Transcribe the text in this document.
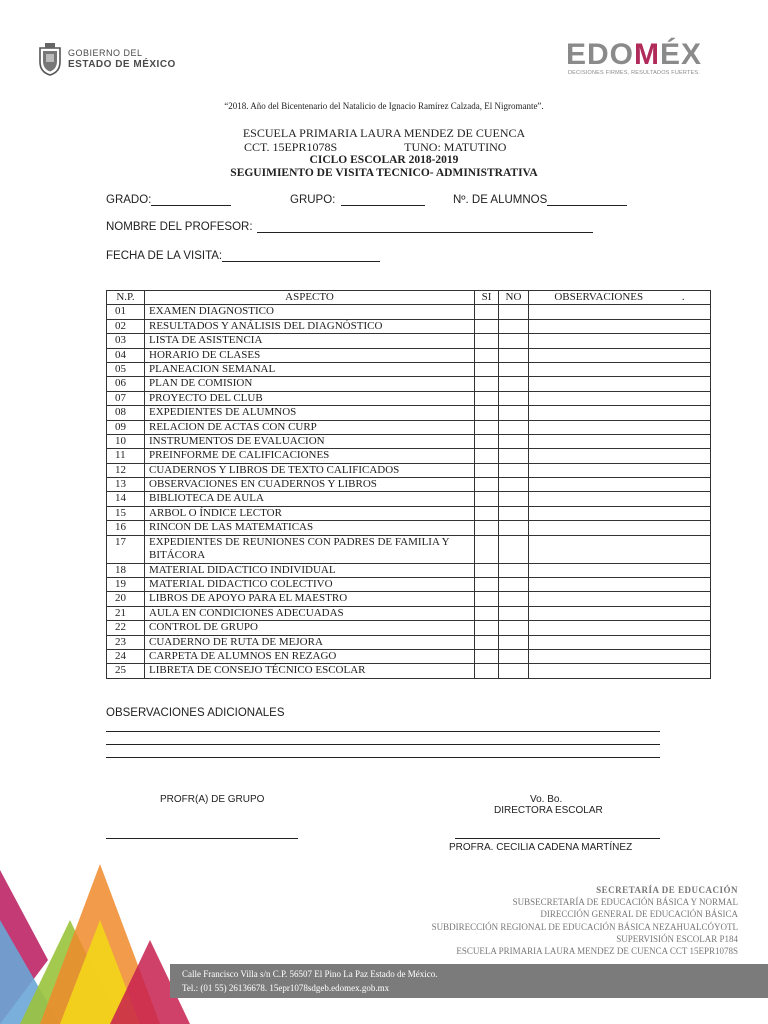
GOBIERNO DEL
ESTADO DE MÉXICO	EDO M ÉX
DECISIONES FIRMES, RESULTADOS FUERTES.
“2018. Año del Bicentenario del Natalicio de Ignacio Ramírez Calzada, El Nigromante”.
ESCUELA PRIMARIA LAURA MENDEZ DE CUENCA
CCT. 15EPR1078S	TUNO: MATUTINO
CICLO ESCOLAR 2018-2019
SEGUIMIENTO DE VISITA TECNICO- ADMINISTRATIVA
GRADO:	GRUPO:	Nº. DE ALUMNOS
NOMBRE DEL PROFESOR:
FECHA DE LA VISITA:
N.P.	ASPECTO	SI	NO	OBSERVACIONES .
01	EXAMEN DIAGNOSTICO			
02	RESULTADOS Y ANÁLISIS DEL DIAGNÓSTICO			
03	LISTA DE ASISTENCIA			
04	HORARIO DE CLASES			
05	PLANEACION SEMANAL			
06	PLAN DE COMISION			
07	PROYECTO DEL CLUB			
08	EXPEDIENTES DE ALUMNOS			
09	RELACION DE ACTAS CON CURP			
10	INSTRUMENTOS DE EVALUACION			
11	PREINFORME DE CALIFICACIONES			
12	CUADERNOS Y LIBROS DE TEXTO CALIFICADOS			
13	OBSERVACIONES EN CUADERNOS Y LIBROS			
14	BIBLIOTECA DE AULA			
15	ARBOL O ÍNDICE LECTOR			
16	RINCON DE LAS MATEMATICAS			
17	EXPEDIENTES DE REUNIONES CON PADRES DE FAMILIA Y BITÁCORA			
18	MATERIAL DIDACTICO INDIVIDUAL			
19	MATERIAL DIDACTICO COLECTIVO			
20	LIBROS DE APOYO PARA EL MAESTRO			
21	AULA EN CONDICIONES ADECUADAS			
22	CONTROL DE GRUPO			
23	CUADERNO DE RUTA DE MEJORA			
24	CARPETA DE ALUMNOS EN REZAGO			
25	LIBRETA DE CONSEJO TÉCNICO ESCOLAR			
OBSERVACIONES ADICIONALES
PROFR(A) DE GRUPO	Vo. Bo.
DIRECTORA ESCOLAR
PROFRA. CECILIA CADENA MARTÍNEZ
SECRETARÍA DE EDUCACIÓN
SUBSECRETARÍA DE EDUCACIÓN BÁSICA Y NORMAL
DIRECCIÓN GENERAL DE EDUCACIÓN BÁSICA
SUBDIRECCIÓN REGIONAL DE EDUCACIÓN BÁSICA NEZAHUALCÓYOTL
SUPERVISIÓN ESCOLAR P184
ESCUELA PRIMARIA LAURA MENDEZ DE CUENCA CCT 15EPR1078S
Calle Francisco Villa s/n C.P. 56507 El Pino La Paz Estado de México.
Tel.: (01 55) 26136678. 15epr1078sdgeb.edomex.gob.mx
